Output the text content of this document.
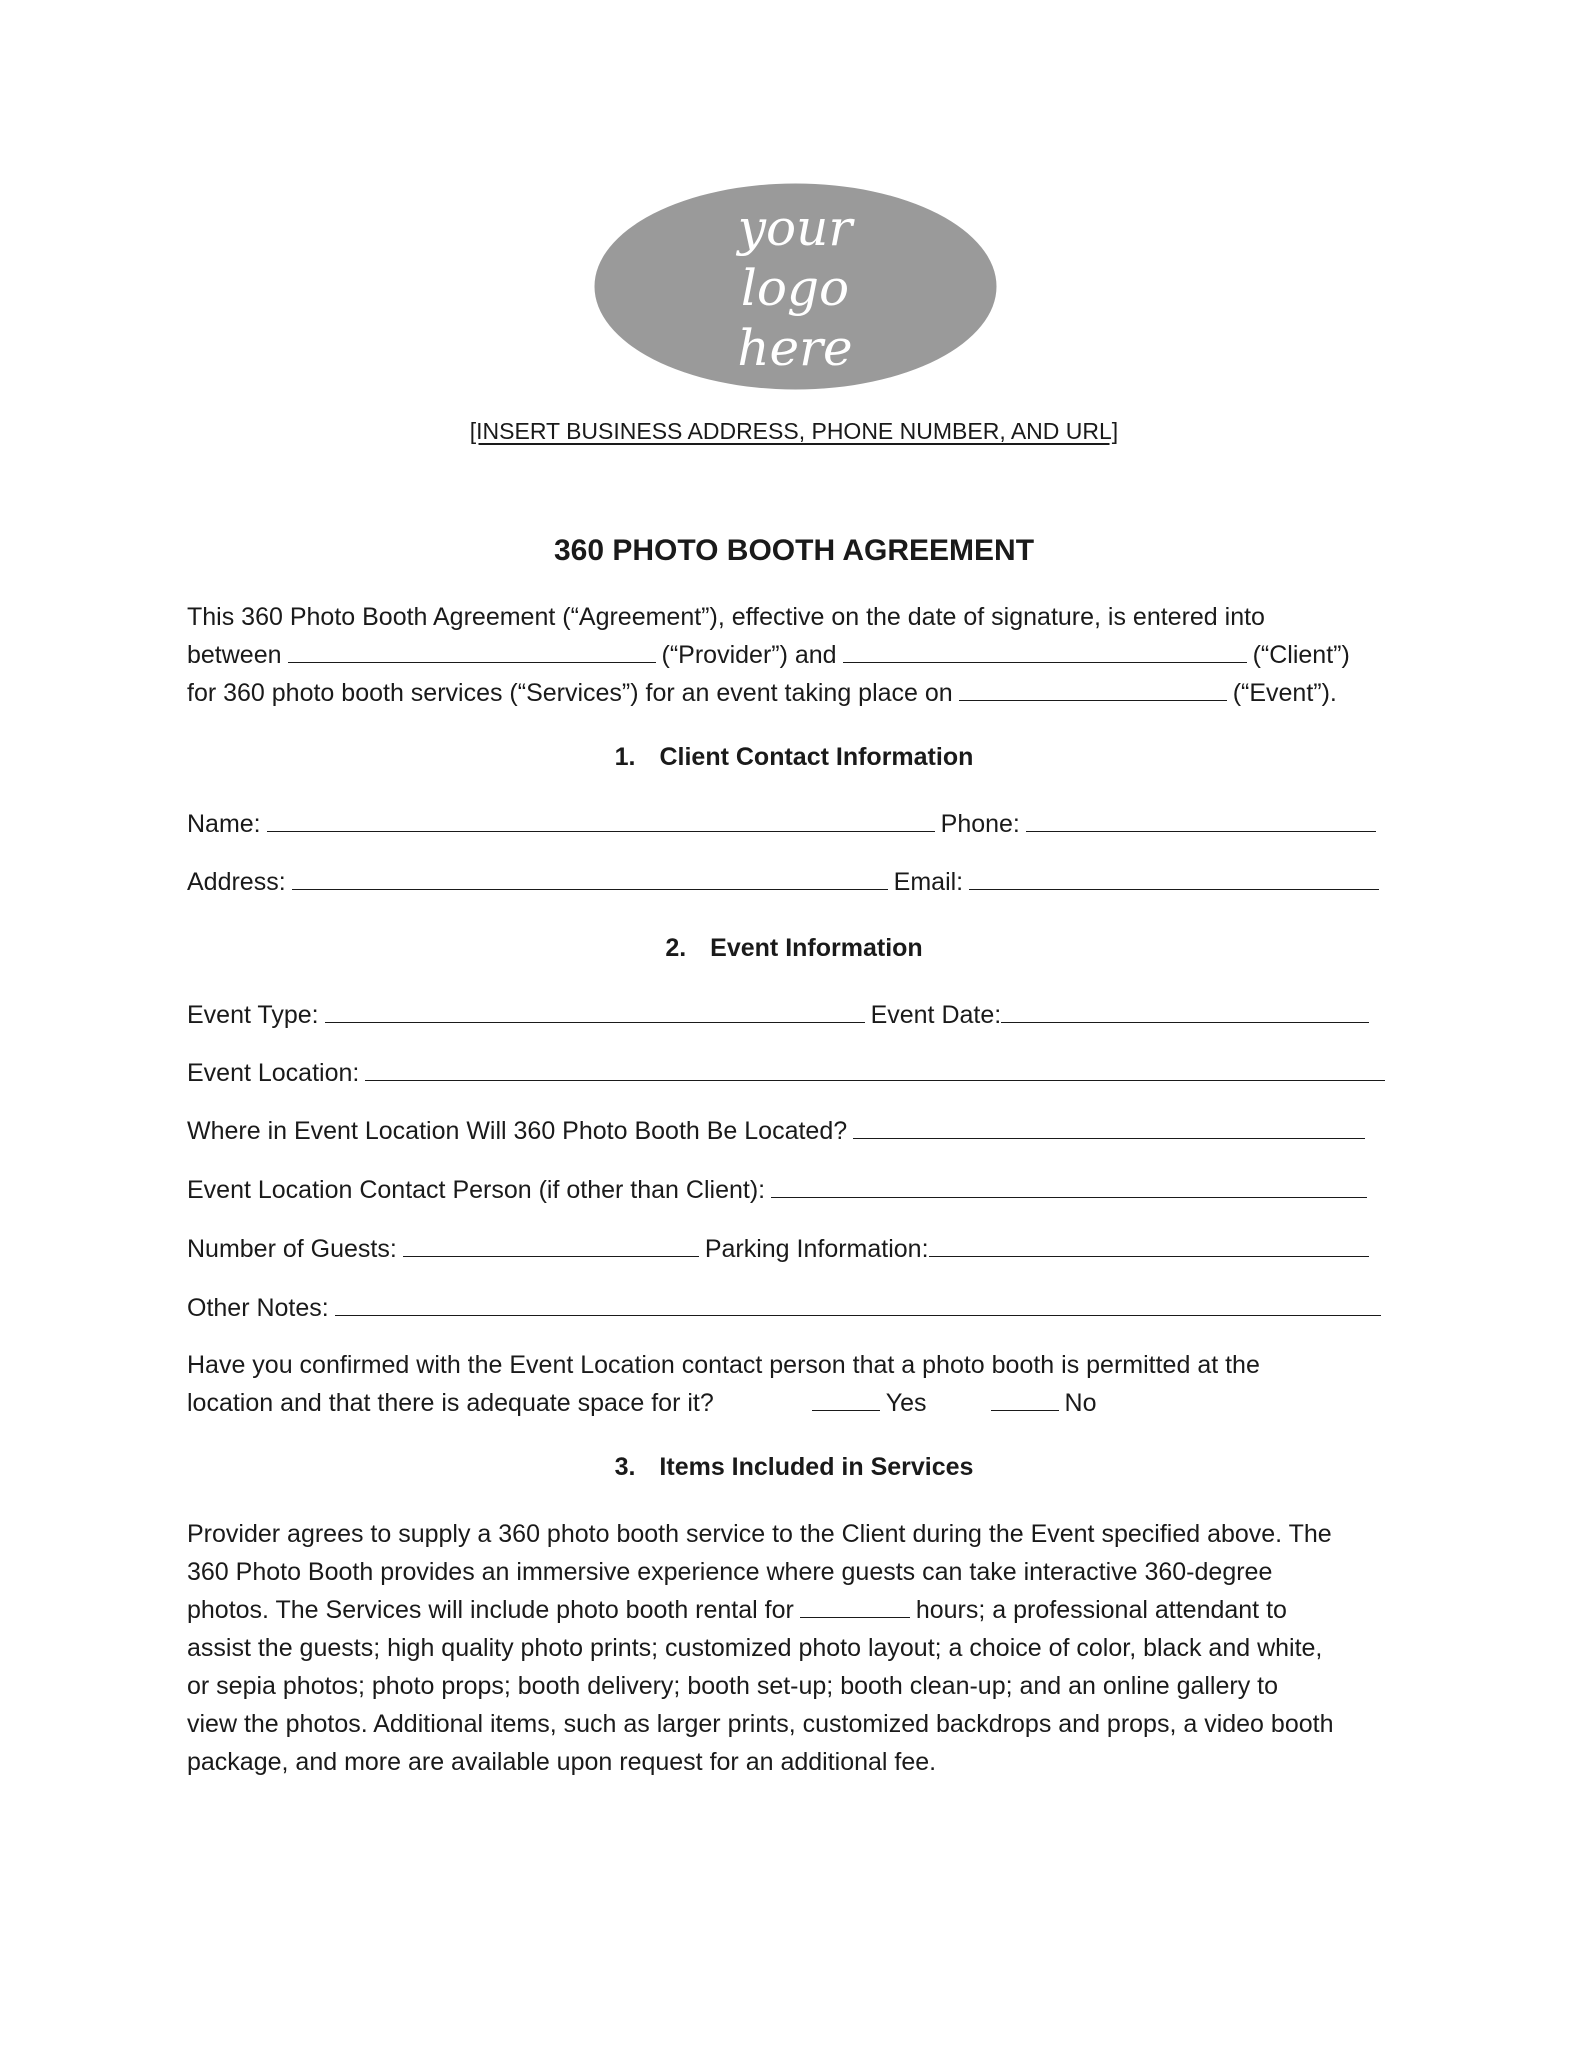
your
logo
here
[INSERT BUSINESS ADDRESS, PHONE NUMBER, AND URL]
360 PHOTO BOOTH AGREEMENT
This 360 Photo Booth Agreement (“Agreement”), effective on the date of signature, is entered into
between	(“Provider”) and	(“Client”)
for 360 photo booth services (“Services”) for an event taking place on	(“Event”).
1. Client Contact Information
Name:	Phone:
Address:	Email:
2. Event Information
Event Type:	Event Date:
Event Location:
Where in Event Location Will 360 Photo Booth Be Located?
Event Location Contact Person (if other than Client):
Number of Guests:	Parking Information:
Other Notes:
Have you confirmed with the Event Location contact person that a photo booth is permitted at the
location and that there is adequate space for it?	Yes	No
3. Items Included in Services
Provider agrees to supply a 360 photo booth service to the Client during the Event specified above. The
360 Photo Booth provides an immersive experience where guests can take interactive 360-degree
photos. The Services will include photo booth rental for	hours; a professional attendant to
assist the guests; high quality photo prints; customized photo layout; a choice of color, black and white,
or sepia photos; photo props; booth delivery; booth set-up; booth clean-up; and an online gallery to
view the photos. Additional items, such as larger prints, customized backdrops and props, a video booth
package, and more are available upon request for an additional fee.
